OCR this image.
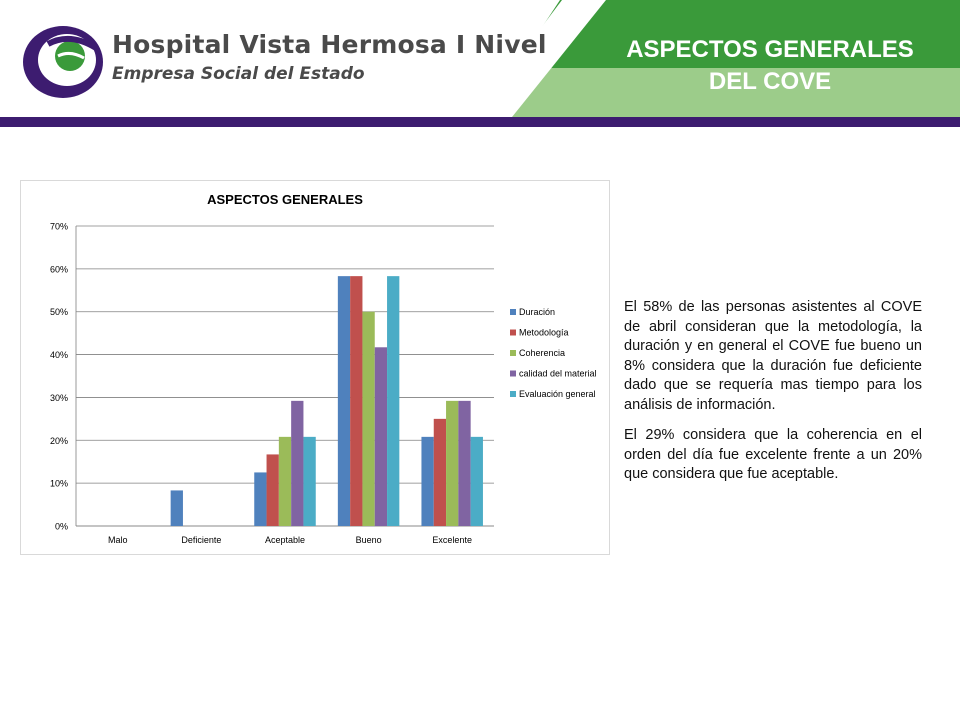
Hospital Vista Hermosa I Nivel
Empresa Social del Estado
ASPECTOS GENERALES
DEL COVE
ASPECTOS GENERALES
0%
10%
20%
30%
40%
50%
60%
70%
Malo	Deficiente	Aceptable	Bueno	Excelente
Duración
Metodología
Coherencia
calidad del material
Evaluación general

El 58% de las personas asistentes al COVE de abril consideran que la metodología, la duración y en general el COVE fue bueno un 8% considera que la duración fue deficiente dado que se requería mas tiempo para los análisis de información.

El 29% considera que la coherencia en el orden del día fue excelente frente a un 20% que considera que fue aceptable.
